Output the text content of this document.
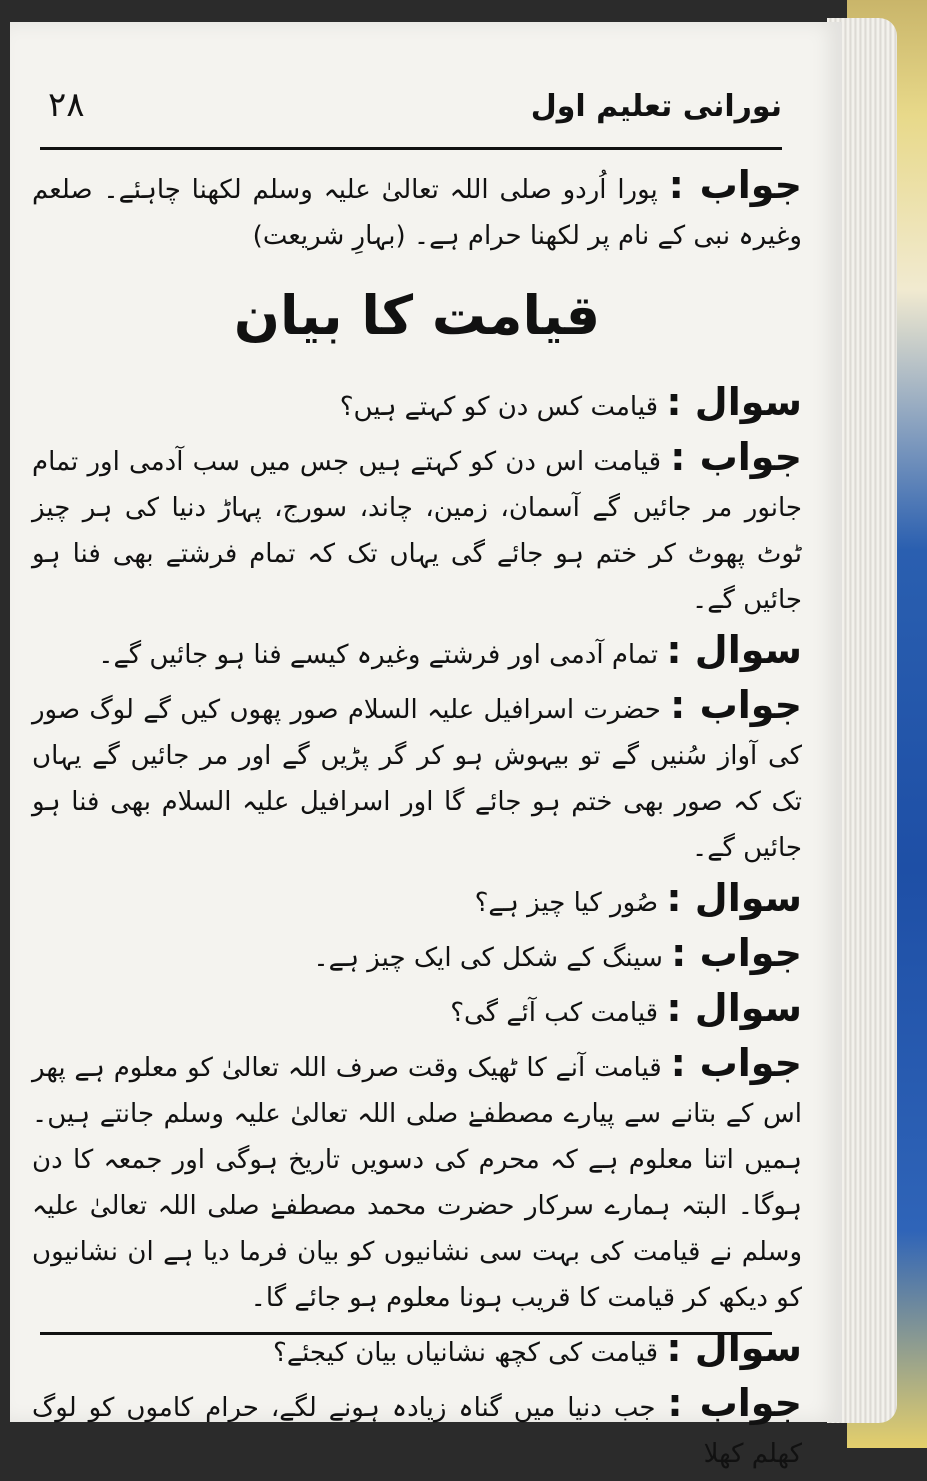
۲۸	نورانی تعلیم اول

جواب : پورا اُردو صلی اللہ تعالیٰ علیہ وسلم لکھنا چاہئے۔ صلعم وغیرہ نبی کے نام پر لکھنا حرام ہے۔ (بہارِ شریعت)

قیامت کا بیان

سوال : قیامت کس دن کو کہتے ہیں؟

جواب : قیامت اس دن کو کہتے ہیں جس میں سب آدمی اور تمام جانور مر جائیں گے آسمان، زمین، چاند، سورج، پہاڑ دنیا کی ہر چیز ٹوٹ پھوٹ کر ختم ہو جائے گی یہاں تک کہ تمام فرشتے بھی فنا ہو جائیں گے۔

سوال : تمام آدمی اور فرشتے وغیرہ کیسے فنا ہو جائیں گے۔

جواب : حضرت اسرافیل علیہ السلام صور پھوں کیں گے لوگ صور کی آواز سُنیں گے تو بیہوش ہو کر گر پڑیں گے اور مر جائیں گے یہاں تک کہ صور بھی ختم ہو جائے گا اور اسرافیل علیہ السلام بھی فنا ہو جائیں گے۔

سوال : صُور کیا چیز ہے؟

جواب : سینگ کے شکل کی ایک چیز ہے۔

سوال : قیامت کب آئے گی؟

جواب : قیامت آنے کا ٹھیک وقت صرف اللہ تعالیٰ کو معلوم ہے پھر اس کے بتانے سے پیارے مصطفےٰ صلی اللہ تعالیٰ علیہ وسلم جانتے ہیں۔ ہمیں اتنا معلوم ہے کہ محرم کی دسویں تاریخ ہوگی اور جمعہ کا دن ہوگا۔ البتہ ہمارے سرکار حضرت محمد مصطفےٰ صلی اللہ تعالیٰ علیہ وسلم نے قیامت کی بہت سی نشانیوں کو بیان فرما دیا ہے ان نشانیوں کو دیکھ کر قیامت کا قریب ہونا معلوم ہو جائے گا۔

سوال : قیامت کی کچھ نشانیاں بیان کیجئے؟

جواب : جب دنیا میں گناہ زیادہ ہونے لگے، حرام کاموں کو لوگ کھلم کھلا
